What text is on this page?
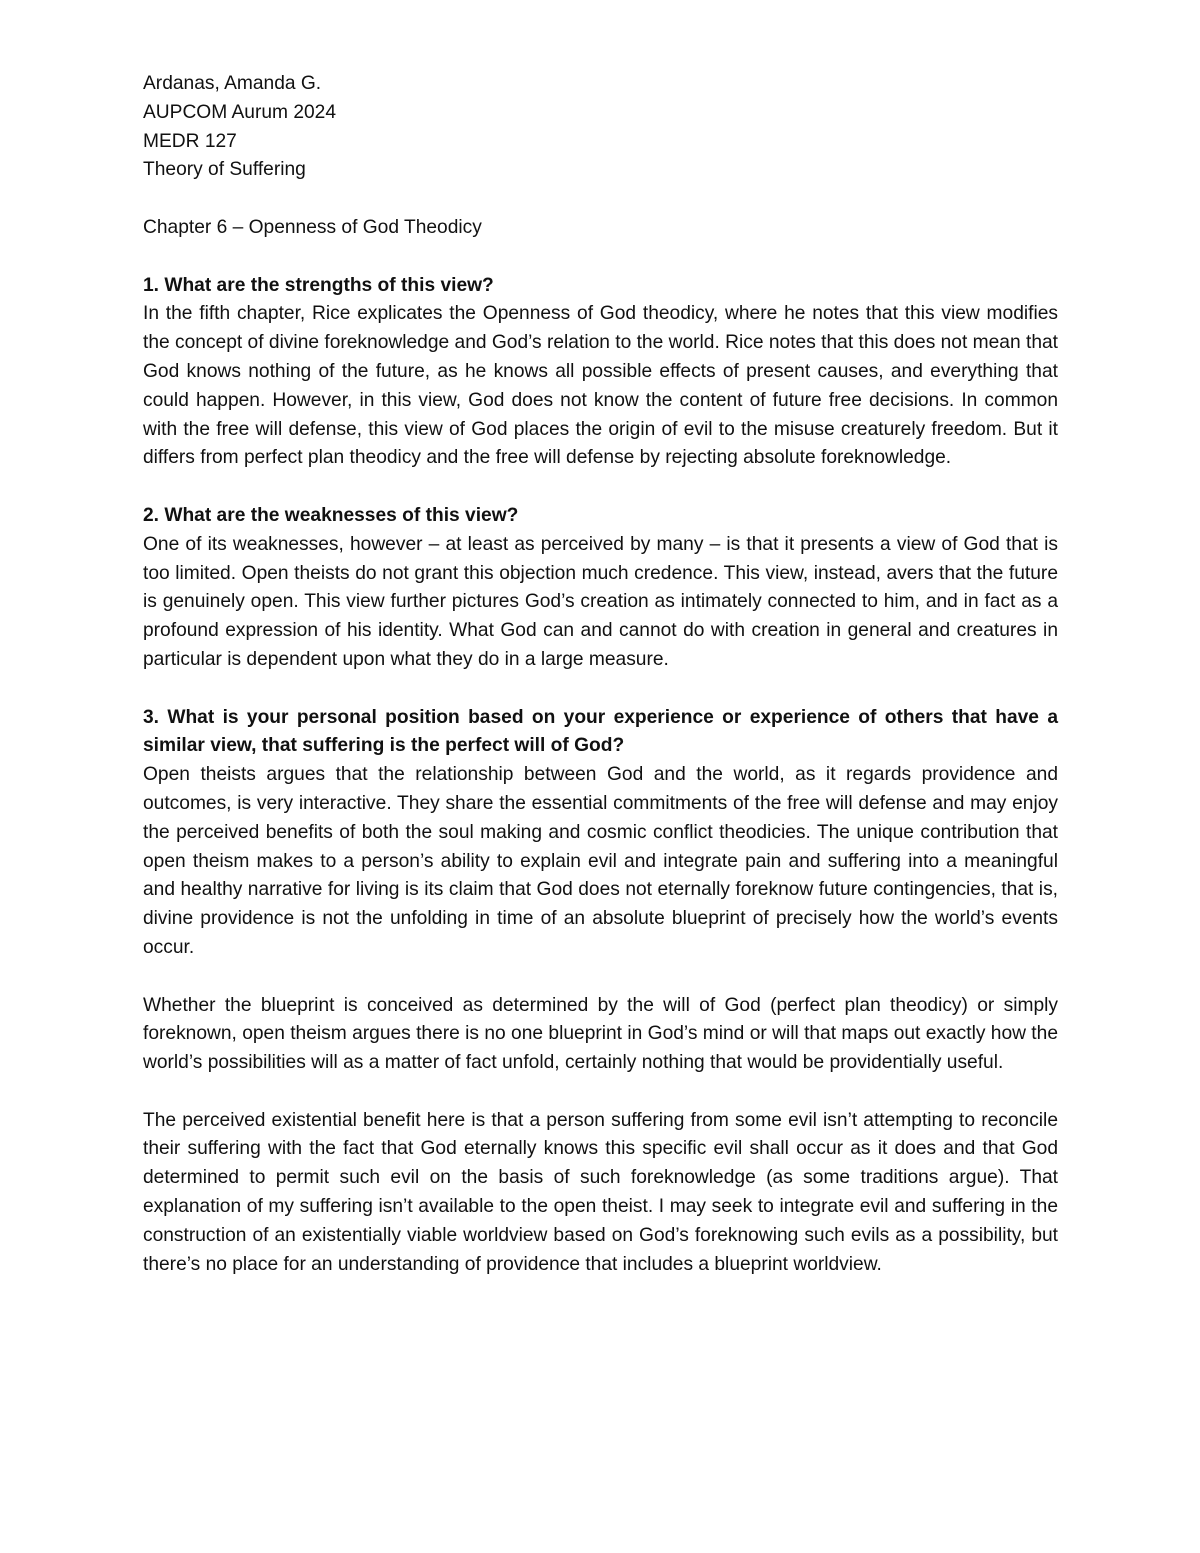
Ardanas, Amanda G.

AUPCOM Aurum 2024

MEDR 127

Theory of Suffering

Chapter 6 – Openness of God Theodicy

1. What are the strengths of this view?

In the fifth chapter, Rice explicates the Openness of God theodicy, where he notes that this view modifies the concept of divine foreknowledge and God’s relation to the world. Rice notes that this does not mean that God knows nothing of the future, as he knows all possible effects of present causes, and everything that could happen. However, in this view, God does not know the content of future free decisions. In common with the free will defense, this view of God places the origin of evil to the misuse creaturely freedom. But it differs from perfect plan theodicy and the free will defense by rejecting absolute foreknowledge.

2. What are the weaknesses of this view?

One of its weaknesses, however – at least as perceived by many – is that it presents a view of God that is too limited. Open theists do not grant this objection much credence. This view, instead, avers that the future is genuinely open. This view further pictures God’s creation as intimately connected to him, and in fact as a profound expression of his identity. What God can and cannot do with creation in general and creatures in particular is dependent upon what they do in a large measure.

3. What is your personal position based on your experience or experience of others that have a similar view, that suffering is the perfect will of God?

Open theists argues that the relationship between God and the world, as it regards providence and outcomes, is very interactive. They share the essential commitments of the free will defense and may enjoy the perceived benefits of both the soul making and cosmic conflict theodicies. The unique contribution that open theism makes to a person’s ability to explain evil and integrate pain and suffering into a meaningful and healthy narrative for living is its claim that God does not eternally foreknow future contingencies, that is, divine providence is not the unfolding in time of an absolute blueprint of precisely how the world’s events occur.

Whether the blueprint is conceived as determined by the will of God (perfect plan theodicy) or simply foreknown, open theism argues there is no one blueprint in God’s mind or will that maps out exactly how the world’s possibilities will as a matter of fact unfold, certainly nothing that would be providentially useful.

The perceived existential benefit here is that a person suffering from some evil isn’t attempting to reconcile their suffering with the fact that God eternally knows this specific evil shall occur as it does and that God determined to permit such evil on the basis of such foreknowledge (as some traditions argue). That explanation of my suffering isn’t available to the open theist. I may seek to integrate evil and suffering in the construction of an existentially viable worldview based on God’s foreknowing such evils as a possibility, but there’s no place for an understanding of providence that includes a blueprint worldview.
